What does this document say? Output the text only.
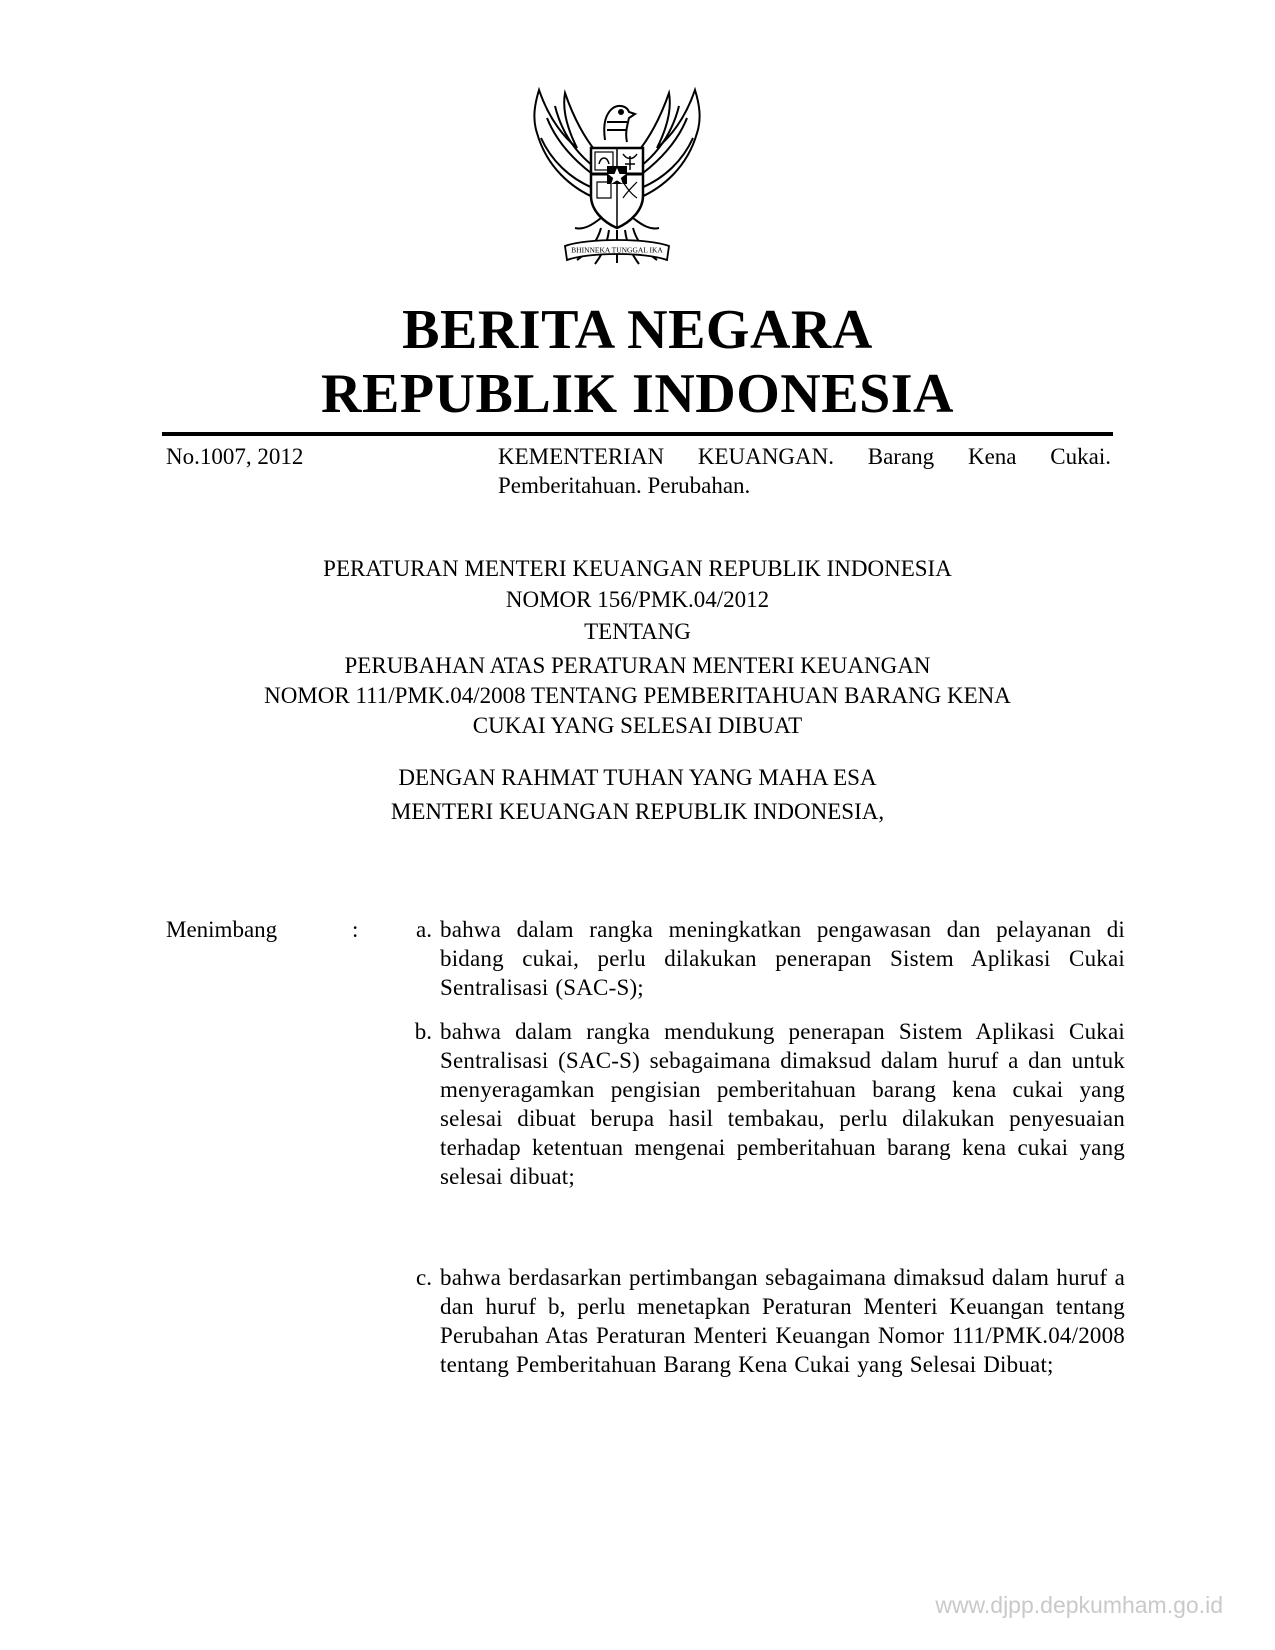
BHINNEKA TUNGGAL IKA
BERITA NEGARA
REPUBLIK INDONESIA
No.1007, 2012	KEMENTERIAN KEUANGAN. Barang Kena Cukai. Pemberitahuan. Perubahan.
PERATURAN MENTERI KEUANGAN REPUBLIK INDONESIA
NOMOR 156/PMK.04/2012
TENTANG
PERUBAHAN ATAS PERATURAN MENTERI KEUANGAN
NOMOR 111/PMK.04/2008 TENTANG PEMBERITAHUAN BARANG KENA
CUKAI YANG SELESAI DIBUAT
DENGAN RAHMAT TUHAN YANG MAHA ESA
MENTERI KEUANGAN REPUBLIK INDONESIA,
Menimbang	:	a. bahwa dalam rangka meningkatkan pengawasan dan pelayanan di bidang cukai, perlu dilakukan penerapan Sistem Aplikasi Cukai Sentralisasi (SAC-S);
b. bahwa dalam rangka mendukung penerapan Sistem Aplikasi Cukai Sentralisasi (SAC-S) sebagaimana dimaksud dalam huruf a dan untuk menyeragamkan pengisian pemberitahuan barang kena cukai yang selesai dibuat berupa hasil tembakau, perlu dilakukan penyesuaian terhadap ketentuan mengenai pemberitahuan barang kena cukai yang selesai dibuat;
c. bahwa berdasarkan pertimbangan sebagaimana dimaksud dalam huruf a dan huruf b, perlu menetapkan Peraturan Menteri Keuangan tentang Perubahan Atas Peraturan Menteri Keuangan Nomor 111/PMK.04/2008 tentang Pemberitahuan Barang Kena Cukai yang Selesai Dibuat;
www.djpp.depkumham.go.id
